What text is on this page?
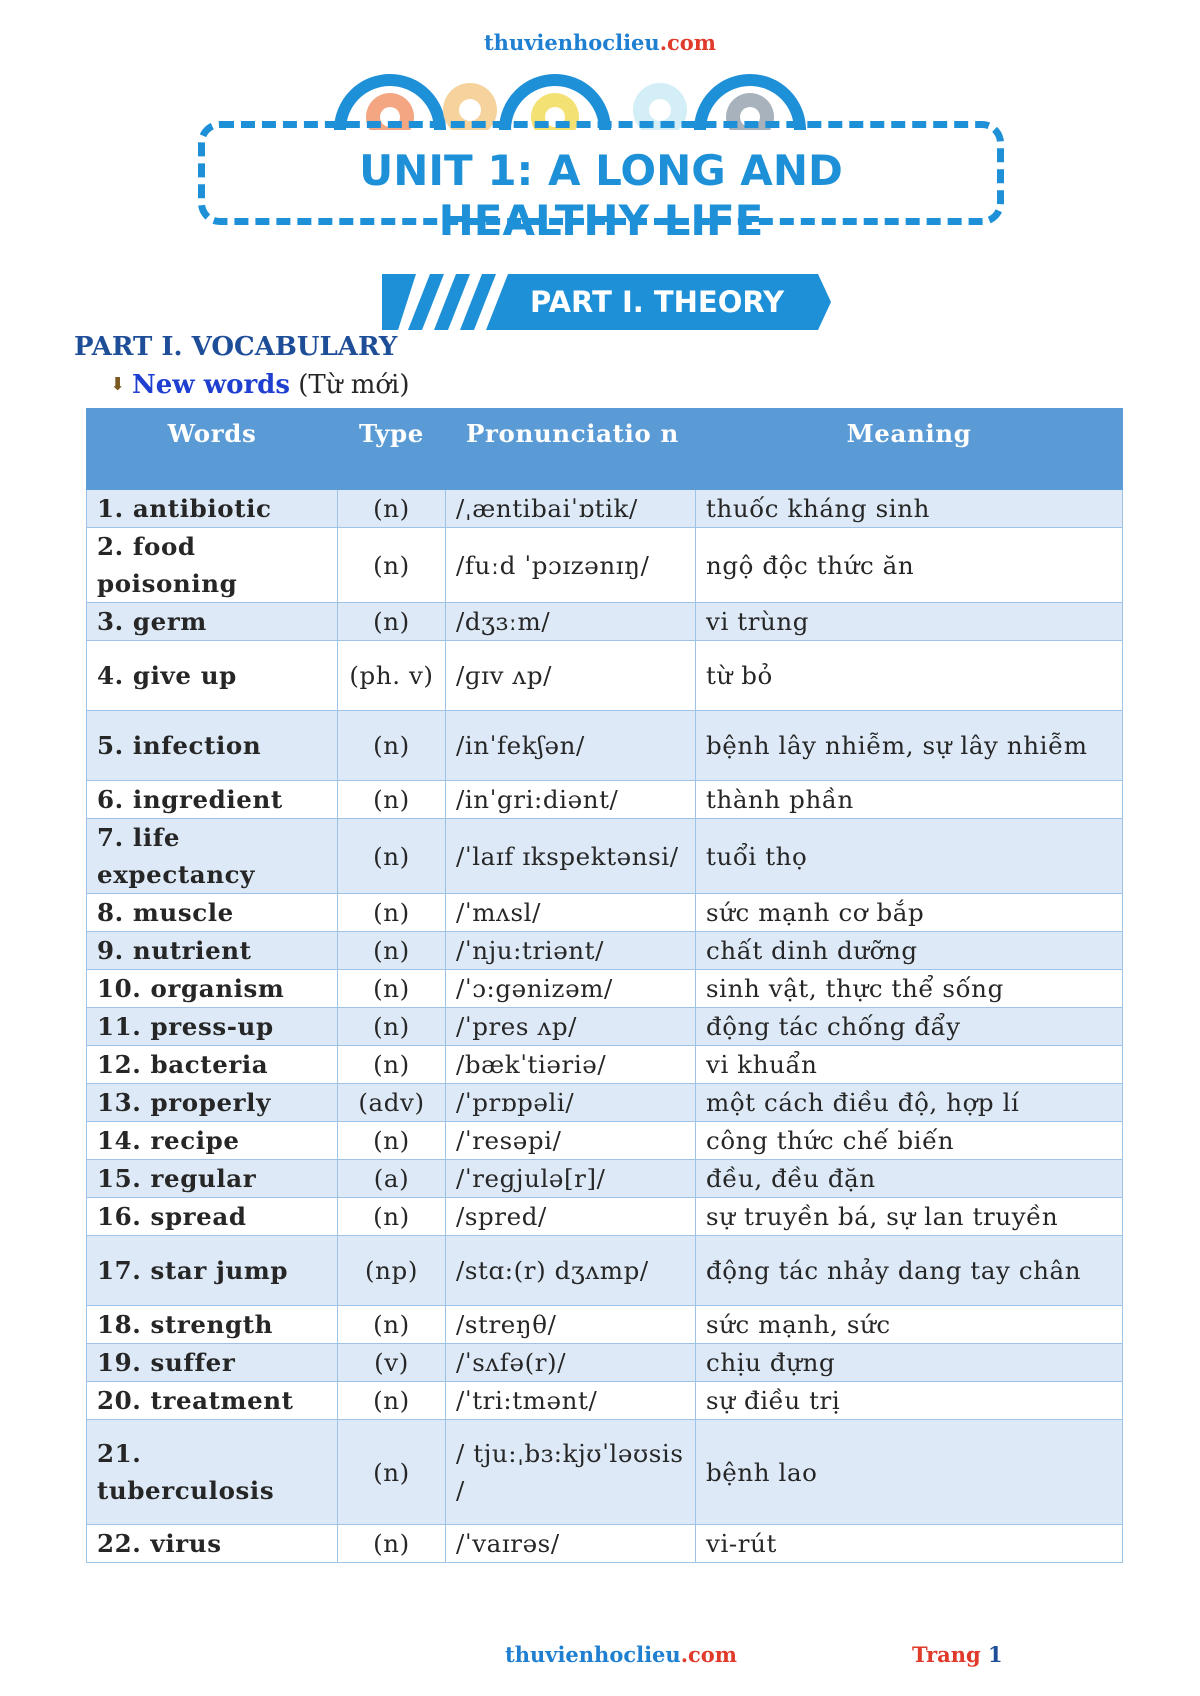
thuvienhoclieu.com
UNIT 1: A LONG AND
HEALTHY LIFE
PART I. THEORY
PART I. VOCABULARY
⬇ New words (Từ mới)
Words	Type	Pronunciatio n	Meaning
1. antibiotic	(n)	/ˌæntibaiˈɒtik/	thuốc kháng sinh
2. food poisoning	(n)	/fuːd ˈpɔɪzənɪŋ/	ngộ độc thức ăn
3. germ	(n)	/dʒɜːm/	vi trùng
4. give up	(ph. v)	/ɡɪv ʌp/	từ bỏ
5. infection	(n)	/inˈfekʃən/	bệnh lây nhiễm, sự lây nhiễm
6. ingredient	(n)	/inˈgri:diənt/	thành phần
7. life expectancy	(n)	/ˈlaɪf ɪkspektənsi/	tuổi thọ
8. muscle	(n)	/ˈmʌsl/	sức mạnh cơ bắp
9. nutrient	(n)	/ˈnju:triənt/	chất dinh dưỡng
10. organism	(n)	/ˈɔ:gənizəm/	sinh vật, thực thể sống
11. press-up	(n)	/ˈpres ʌp/	động tác chống đẩy
12. bacteria	(n)	/bækˈtiəriə/	vi khuẩn
13. properly	(adv)	/ˈprɒpəli/	một cách điều độ, hợp lí
14. recipe	(n)	/ˈresəpi/	công thức chế biến
15. regular	(a)	/ˈregjulə[r]/	đều, đều đặn
16. spread	(n)	/spred/	sự truyền bá, sự lan truyền
17. star jump	(np)	/stɑ:(r) dʒʌmp/	động tác nhảy dang tay chân
18. strength	(n)	/streŋθ/	sức mạnh, sức
19. suffer	(v)	/ˈsʌfə(r)/	chịu đựng
20. treatment	(n)	/ˈtri:tmənt/	sự điều trị
21. tuberculosis	(n)	/ tju:ˌbɜ:kjʊˈləʊsis /	bệnh lao
22. virus	(n)	/ˈvaɪrəs/	vi-rút
thuvienhoclieu.com	Trang 1
